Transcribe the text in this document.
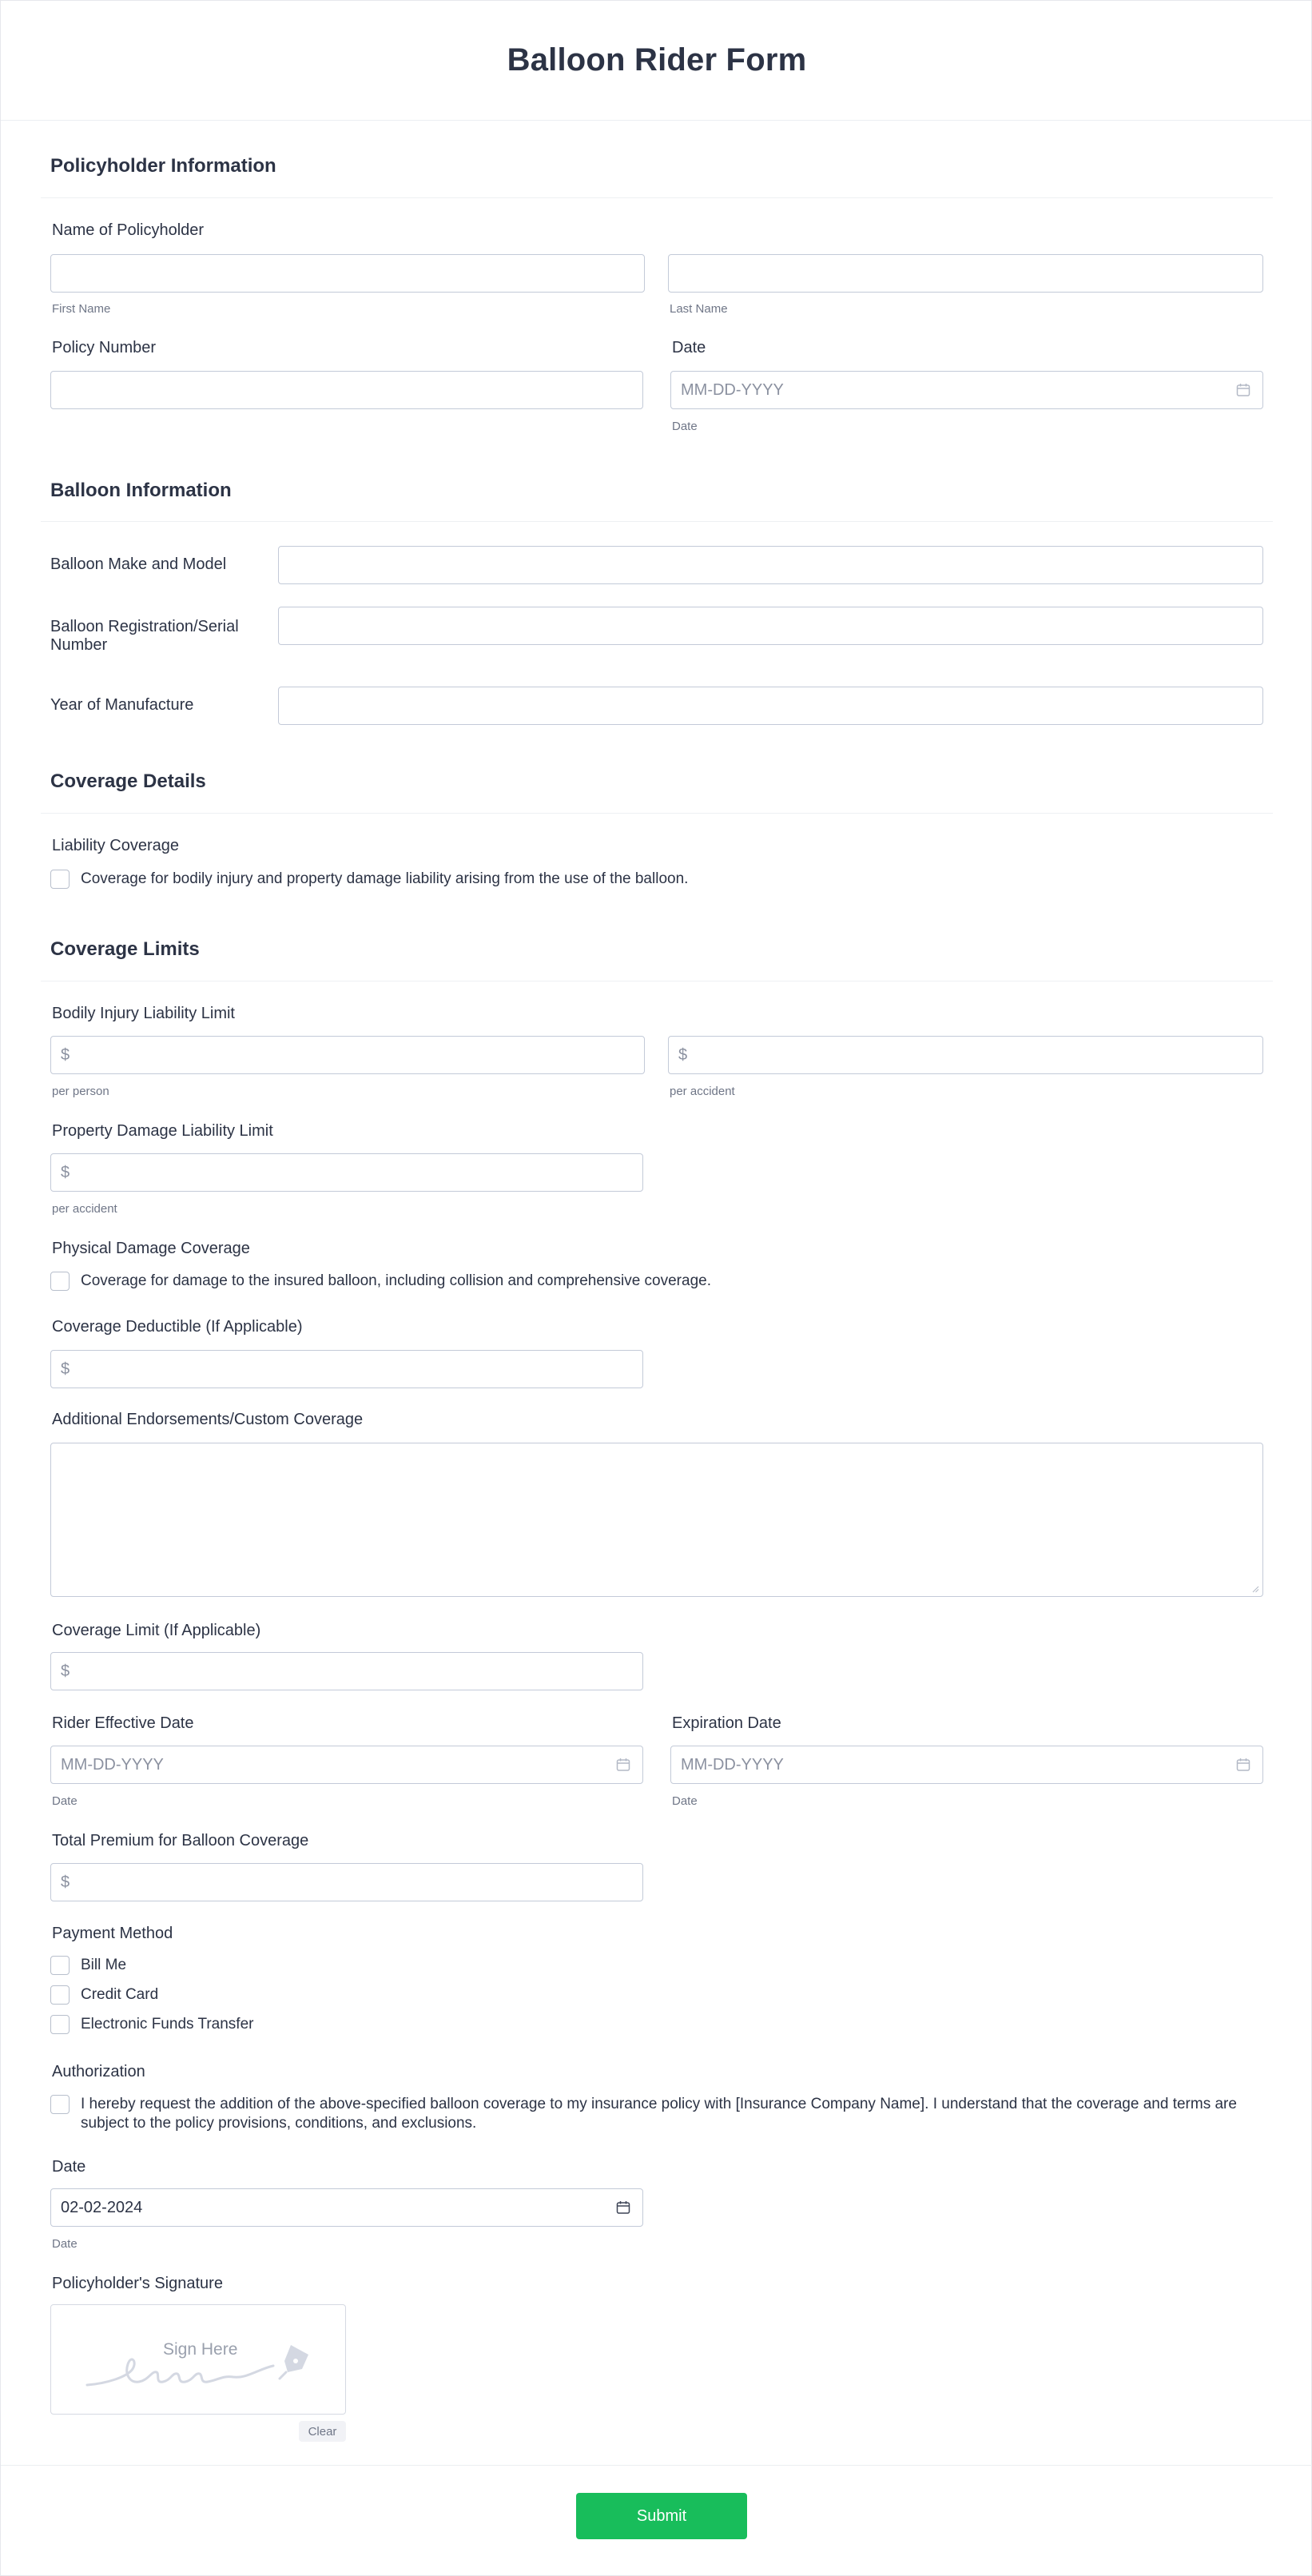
Balloon Rider Form
Policyholder Information
Name of Policyholder
First Name	Last Name
Policy Number	Date
MM-DD-YYYY
Date
Balloon Information
Balloon Make and Model
Balloon Registration/Serial
Number
Year of Manufacture
Coverage Details
Liability Coverage
Coverage for bodily injury and property damage liability arising from the use of the balloon.
Coverage Limits
Bodily Injury Liability Limit
$
per person
$
per accident
Property Damage Liability Limit
$
per accident
Physical Damage Coverage
Coverage for damage to the insured balloon, including collision and comprehensive coverage.
Coverage Deductible (If Applicable)
$
Additional Endorsements/Custom Coverage
Coverage Limit (If Applicable)
$
Rider Effective Date
MM-DD-YYYY
Date
Expiration Date
MM-DD-YYYY
Date
Total Premium for Balloon Coverage
$
Payment Method
Bill Me
Credit Card
Electronic Funds Transfer
Authorization
I hereby request the addition of the above-specified balloon coverage to my insurance policy with [Insurance Company Name]. I understand that the coverage and terms are
subject to the policy provisions, conditions, and exclusions.
Date
02-02-2024
Date
Policyholder's Signature
Sign Here
Clear
Submit
